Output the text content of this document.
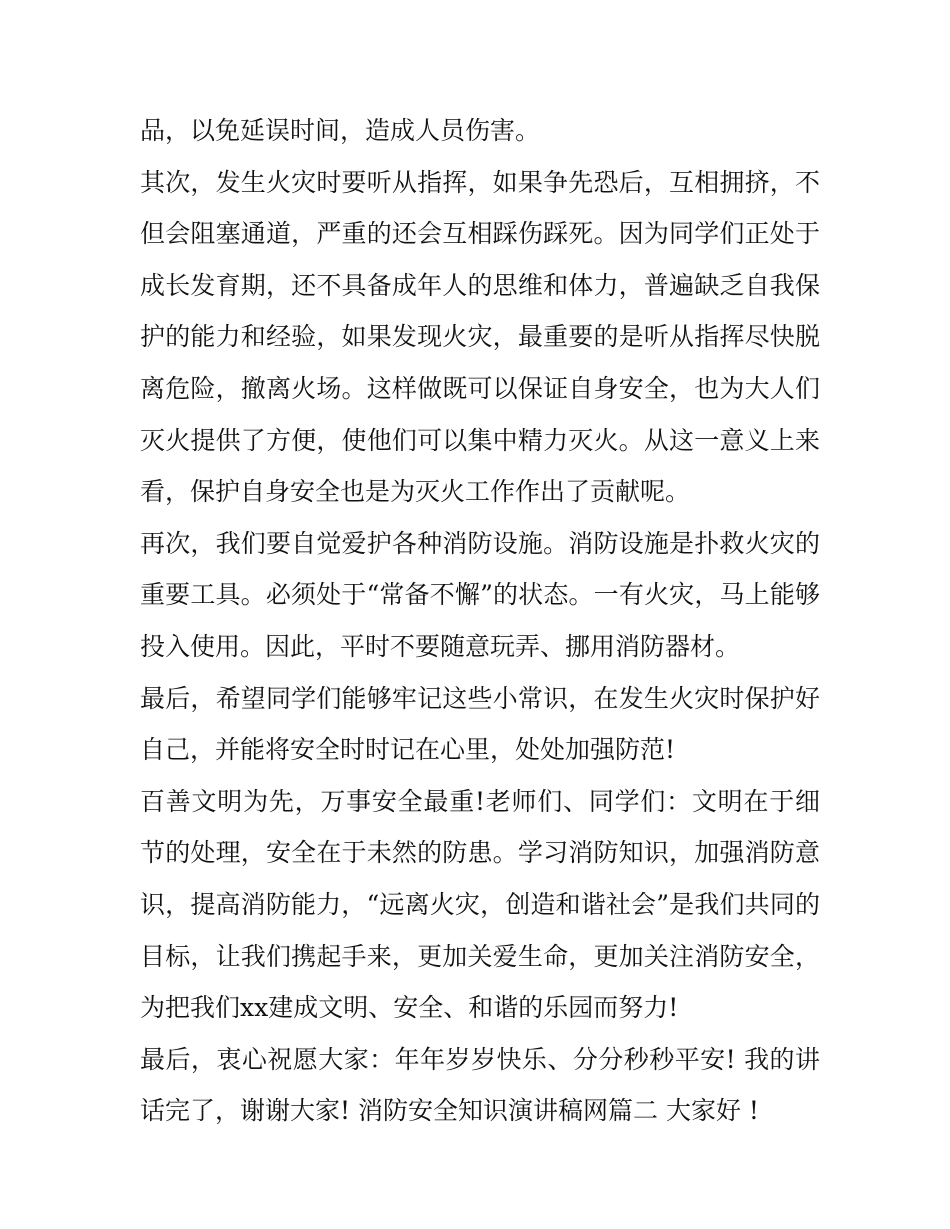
品，以免延误时间，造成人员伤害。

其次，发生火灾时要听从指挥，如果争先恐后，互相拥挤，不但会阻塞通道，严重的还会互相踩伤踩死。因为同学们正处于成长发育期，还不具备成年人的思维和体力，普遍缺乏自我保护的能力和经验，如果发现火灾，最重要的是听从指挥尽快脱离危险，撤离火场。这样做既可以保证自身安全，也为大人们灭火提供了方便，使他们可以集中精力灭火。从这一意义上来看，保护自身安全也是为灭火工作作出了贡献呢。

再次，我们要自觉爱护各种消防设施。消防设施是扑救火灾的重要工具。必须处于“常备不懈”的状态。一有火灾，马上能够投入使用。因此，平时不要随意玩弄、挪用消防器材。

最后，希望同学们能够牢记这些小常识，在发生火灾时保护好自己，并能将安全时时记在心里，处处加强防范!

百善文明为先，万事安全最重!老师们、同学们：文明在于细节的处理，安全在于未然的防患。学习消防知识，加强消防意识，提高消防能力，“远离火灾，创造和谐社会”是我们共同的目标，让我们携起手来，更加关爱生命，更加关注消防安全，为把我们xx建成文明、安全、和谐的乐园而努力!

最后，衷心祝愿大家：年年岁岁快乐、分分秒秒平安! 我的讲话完了，谢谢大家! 消防安全知识演讲稿网篇二 大家好 !
